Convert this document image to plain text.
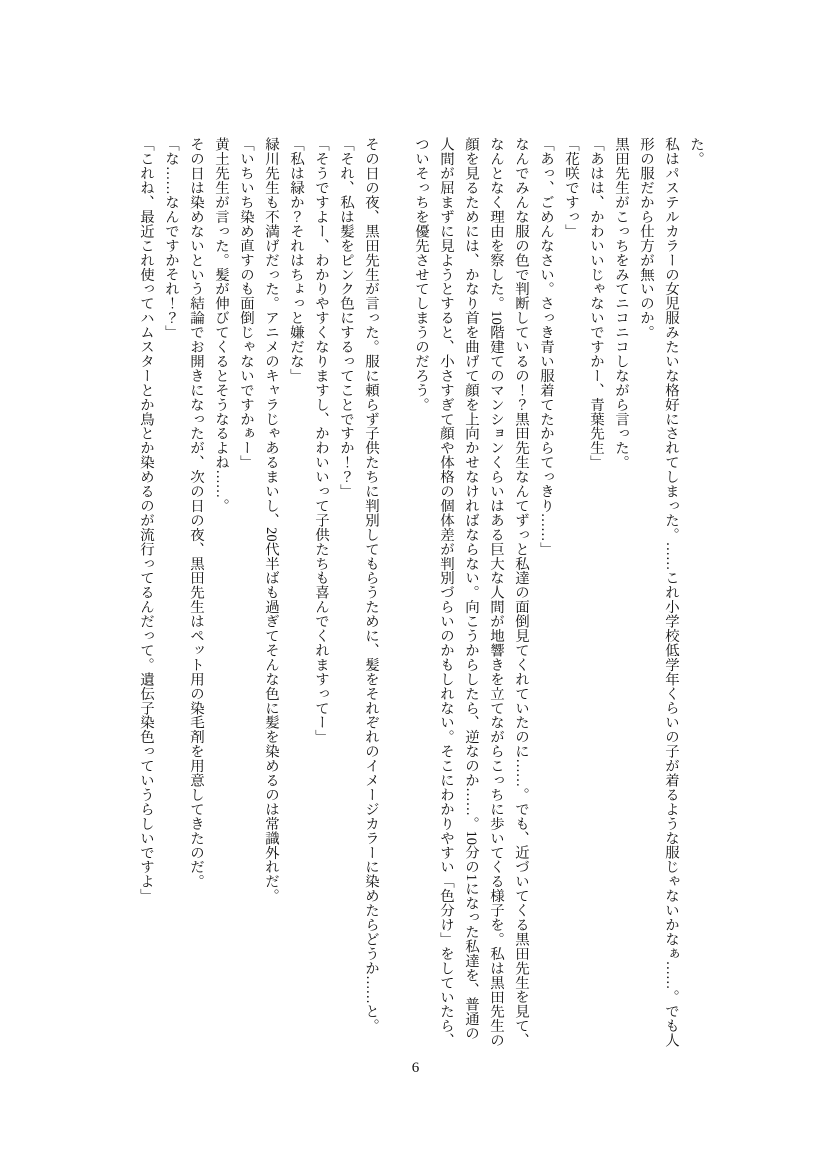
た。

私はパステルカラーの女児服みたいな格好にされてしまった。……これ小学校低学年くらいの子が着るような服じゃないかなぁ……。でも人形の服だから仕方が無いのか。

黒田先生がこっちをみてニコニコしながら言った。

「あはは、かわいいじゃないですかー、青葉先生」

「花咲ですっ」

「あっ、ごめんなさい。さっき青い服着てたからてっきり……」

なんでみんな服の色で判断しているの！？黒田先生なんてずっと私達の面倒見てくれていたのに……。でも、近づいてくる黒田先生を見て、なんとなく理由を察した。10階建てのマンションくらいはある巨大な人間が地響きを立てながらこっちに歩いてくる様子を。私は黒田先生の顔を見るためには、かなり首を曲げて顔を上向かせなければならない。向こうからしたら、逆なのか……。10分の1になった私達を、普通の人間が屈まずに見ようとすると、小さすぎて顔や体格の個体差が判別づらいのかもしれない。そこにわかりやすい「色分け」をしていたら、ついそっちを優先させてしまうのだろう。

その日の夜、黒田先生が言った。服に頼らず子供たちに判別してもらうために、髪をそれぞれのイメージカラーに染めたらどうか……と。

「それ、私は髪をピンク色にするってことですか！？」

「そうですよー、わかりやすくなりますし、かわいいって子供たちも喜んでくれますってー」

「私は緑か？それはちょっと嫌だな」

緑川先生も不満げだった。アニメのキャラじゃあるまいし、20代半ばも過ぎてそんな色に髪を染めるのは常識外れだ。

「いちいち染め直すのも面倒じゃないですかぁー」

黄土先生が言った。髪が伸びてくるとそうなるよね……。

その日は染めないという結論でお開きになったが、次の日の夜、黒田先生はペット用の染毛剤を用意してきたのだ。

「な……なんですかそれ！？」

「これね、最近これ使ってハムスターとか鳥とか染めるのが流行ってるんだって。遺伝子染色っていうらしいですよ」

6
